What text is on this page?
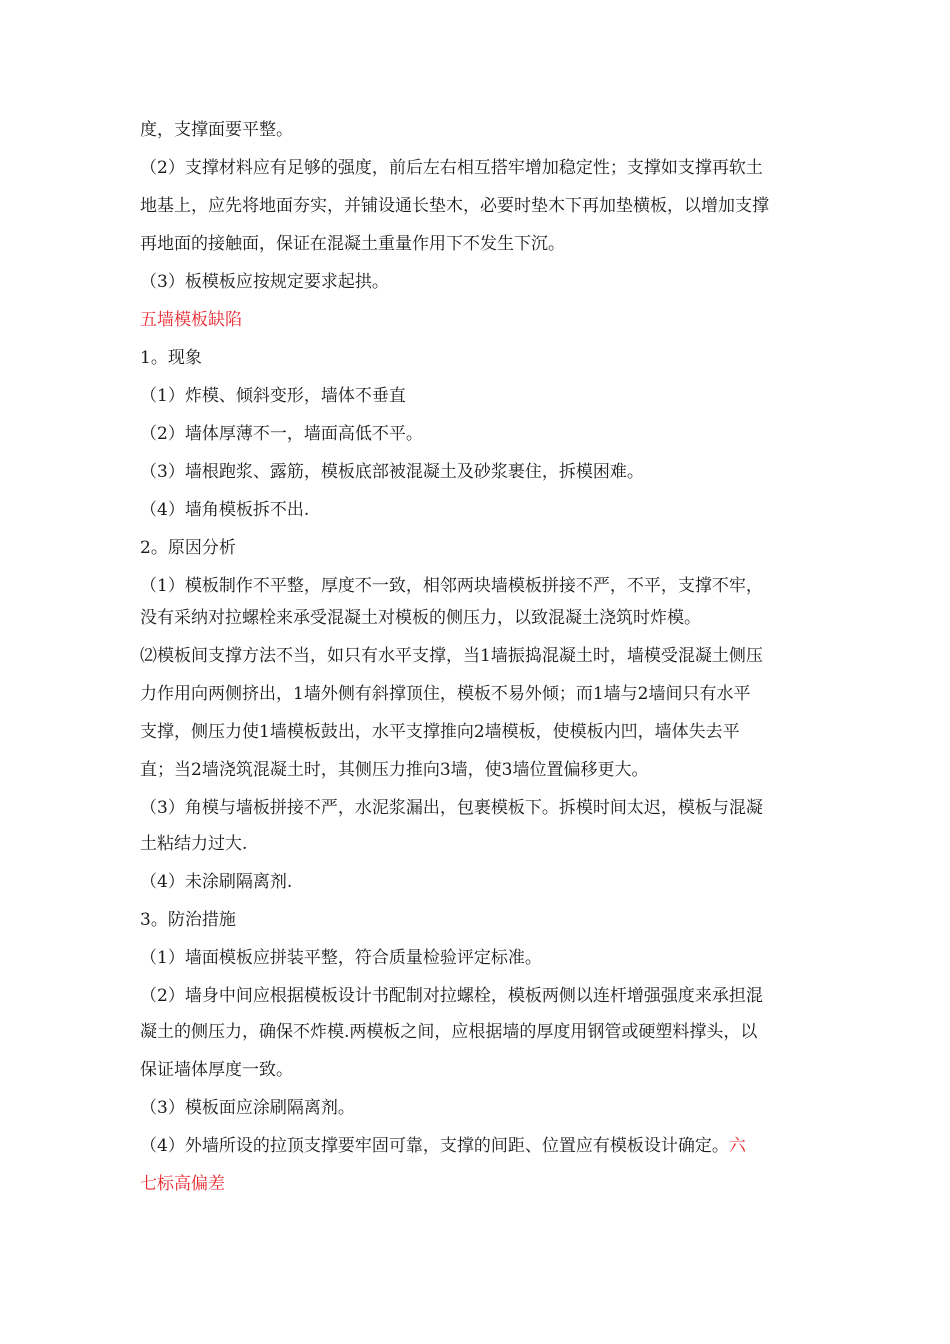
度，支撑面要平整。
（2）支撑材料应有足够的强度，前后左右相互搭牢增加稳定性；支撑如支撑再软土
地基上，应先将地面夯实，并铺设通长垫木，必要时垫木下再加垫横板，以增加支撑
再地面的接触面，保证在混凝土重量作用下不发生下沉。
（3）板模板应按规定要求起拱。
五墙模板缺陷
1。现象
（1）炸模、倾斜变形，墙体不垂直
（2）墙体厚薄不一，墙面高低不平。
（3）墙根跑浆、露筋，模板底部被混凝土及砂浆裹住，拆模困难。
（4）墙角模板拆不出.
2。原因分析
（1）模板制作不平整，厚度不一致，相邻两块墙模板拼接不严，不平，支撑不牢，
没有采纳对拉螺栓来承受混凝土对模板的侧压力，以致混凝土浇筑时炸模。
⑵模板间支撑方法不当，如只有水平支撑，当1墙振捣混凝土时，墙模受混凝土侧压
力作用向两侧挤出，1墙外侧有斜撑顶住，模板不易外倾；而1墙与2墙间只有水平
支撑，侧压力使1墙模板鼓出，水平支撑推向2墙模板，使模板内凹，墙体失去平
直；当2墙浇筑混凝土时，其侧压力推向3墙，使3墙位置偏移更大。
（3）角模与墙板拼接不严，水泥浆漏出，包裹模板下。拆模时间太迟，模板与混凝
土粘结力过大.
（4）未涂刷隔离剂.
3。防治措施
（1）墙面模板应拼装平整，符合质量检验评定标准。
（2）墙身中间应根据模板设计书配制对拉螺栓，模板两侧以连杆增强强度来承担混
凝土的侧压力，确保不炸模.两模板之间，应根据墙的厚度用钢管或硬塑料撑头，以
保证墙体厚度一致。
（3）模板面应涂刷隔离剂。
（4）外墙所设的拉顶支撑要牢固可靠，支撑的间距、位置应有模板设计确定。六
七标高偏差
